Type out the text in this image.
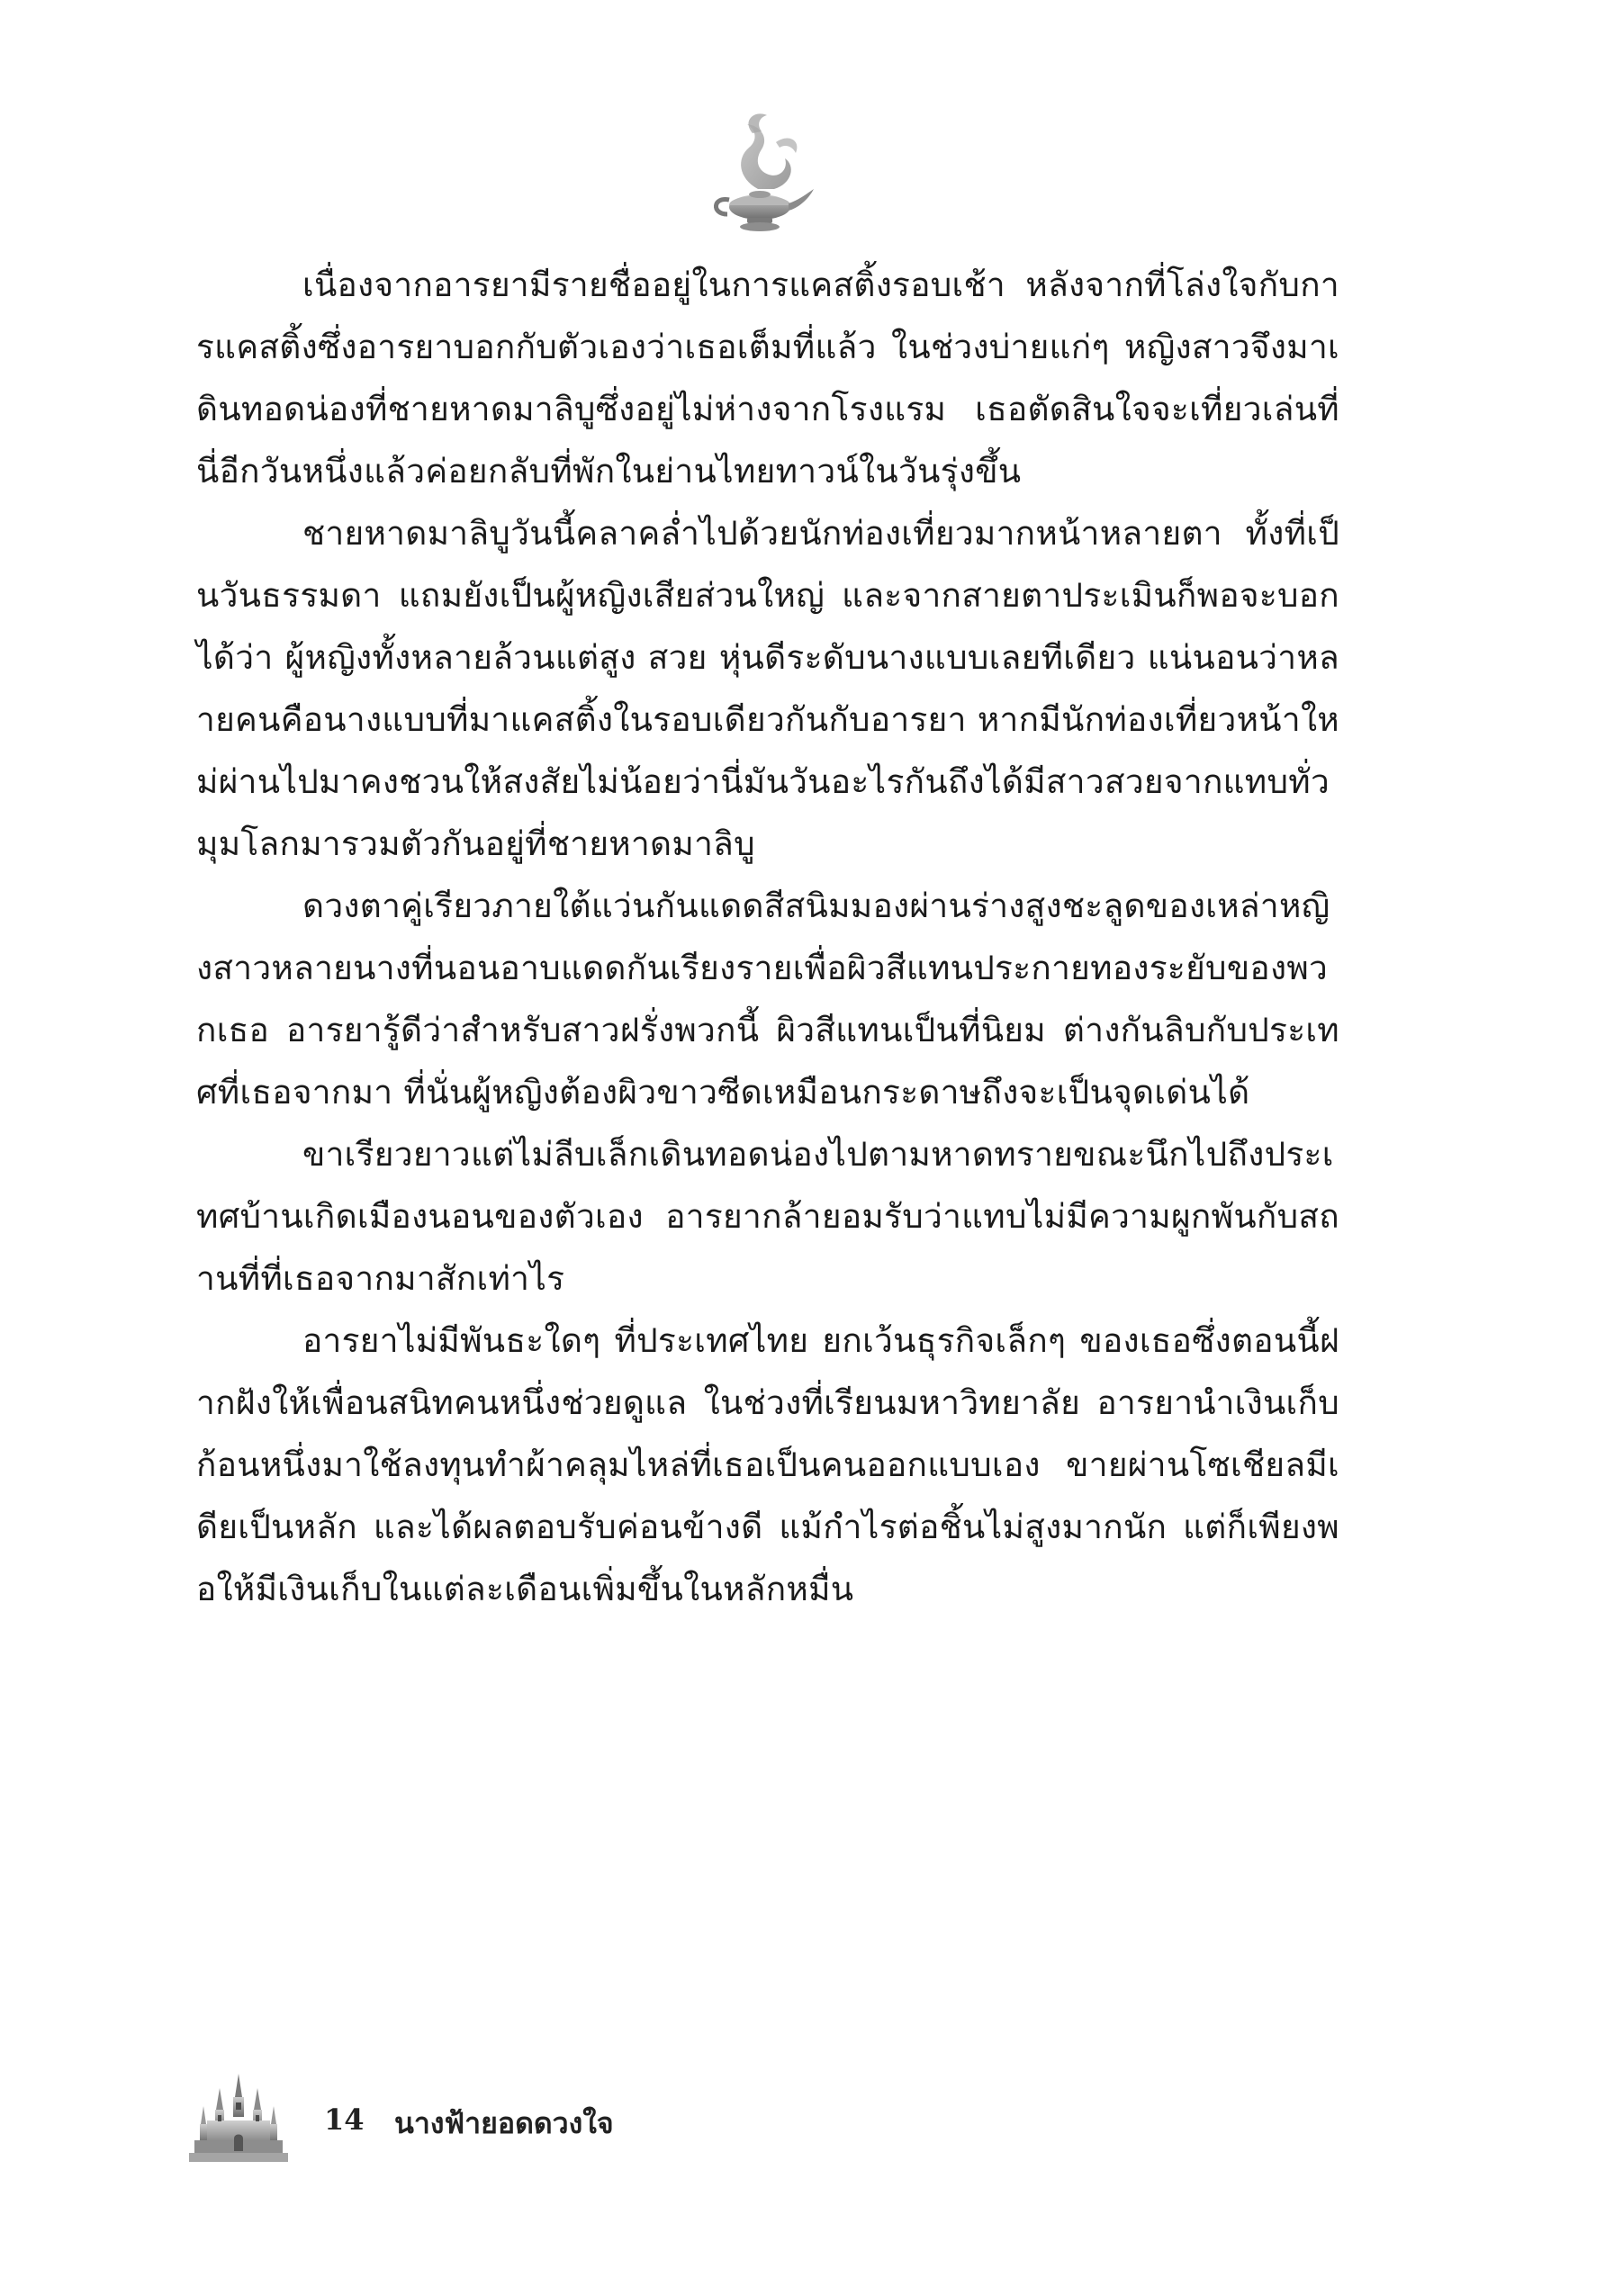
เนื่องจากอารยามีรายชื่ออยู่ในการแคสติ้งรอบเช้า หลังจากที่โล่งใจกับการแคสติ้งซึ่งอารยาบอกกับตัวเองว่าเธอเต็มที่แล้ว ในช่วงบ่ายแก่ๆ หญิงสาวจึงมาเดินทอดน่องที่ชายหาดมาลิบูซึ่งอยู่ไม่ห่างจากโรงแรม เธอตัดสินใจจะเที่ยวเล่นที่นี่อีกวันหนึ่งแล้วค่อยกลับที่พักในย่านไทยทาวน์ในวันรุ่งขึ้น

ชายหาดมาลิบูวันนี้คลาคล่ำไปด้วยนักท่องเที่ยวมากหน้าหลายตา ทั้งที่เป็นวันธรรมดา แถมยังเป็นผู้หญิงเสียส่วนใหญ่ และจากสายตาประเมินก็พอจะบอกได้ว่า ผู้หญิงทั้งหลายล้วนแต่สูง สวย หุ่นดีระดับนางแบบเลยทีเดียว แน่นอนว่าหลายคนคือนางแบบที่มาแคสติ้งในรอบเดียวกันกับอารยา หากมีนักท่องเที่ยวหน้าใหม่ผ่านไปมาคงชวนให้สงสัยไม่น้อยว่านี่มันวันอะไรกันถึงได้มีสาวสวยจากแทบทั่วมุมโลกมารวมตัวกันอยู่ที่ชายหาดมาลิบู

ดวงตาคู่เรียวภายใต้แว่นกันแดดสีสนิมมองผ่านร่างสูงชะลูดของเหล่าหญิงสาวหลายนางที่นอนอาบแดดกันเรียงรายเพื่อผิวสีแทนประกายทองระยับของพวกเธอ อารยารู้ดีว่าสำหรับสาวฝรั่งพวกนี้ ผิวสีแทนเป็นที่นิยม ต่างกันลิบกับประเทศที่เธอจากมา ที่นั่นผู้หญิงต้องผิวขาวซีดเหมือนกระดาษถึงจะเป็นจุดเด่นได้

ขาเรียวยาวแต่ไม่ลีบเล็กเดินทอดน่องไปตามหาดทรายขณะนึกไปถึงประเทศบ้านเกิดเมืองนอนของตัวเอง อารยากล้ายอมรับว่าแทบไม่มีความผูกพันกับสถานที่ที่เธอจากมาสักเท่าไร

อารยาไม่มีพันธะใดๆ ที่ประเทศไทย ยกเว้นธุรกิจเล็กๆ ของเธอซึ่งตอนนี้ฝากฝังให้เพื่อนสนิทคนหนึ่งช่วยดูแล ในช่วงที่เรียนมหาวิทยาลัย อารยานำเงินเก็บก้อนหนึ่งมาใช้ลงทุนทำผ้าคลุมไหล่ที่เธอเป็นคนออกแบบเอง ขายผ่านโซเชียลมีเดียเป็นหลัก และได้ผลตอบรับค่อนข้างดี แม้กำไรต่อชิ้นไม่สูงมากนัก แต่ก็เพียงพอให้มีเงินเก็บในแต่ละเดือนเพิ่มขึ้นในหลักหมื่น

14 นางฟ้ายอดดวงใจ
